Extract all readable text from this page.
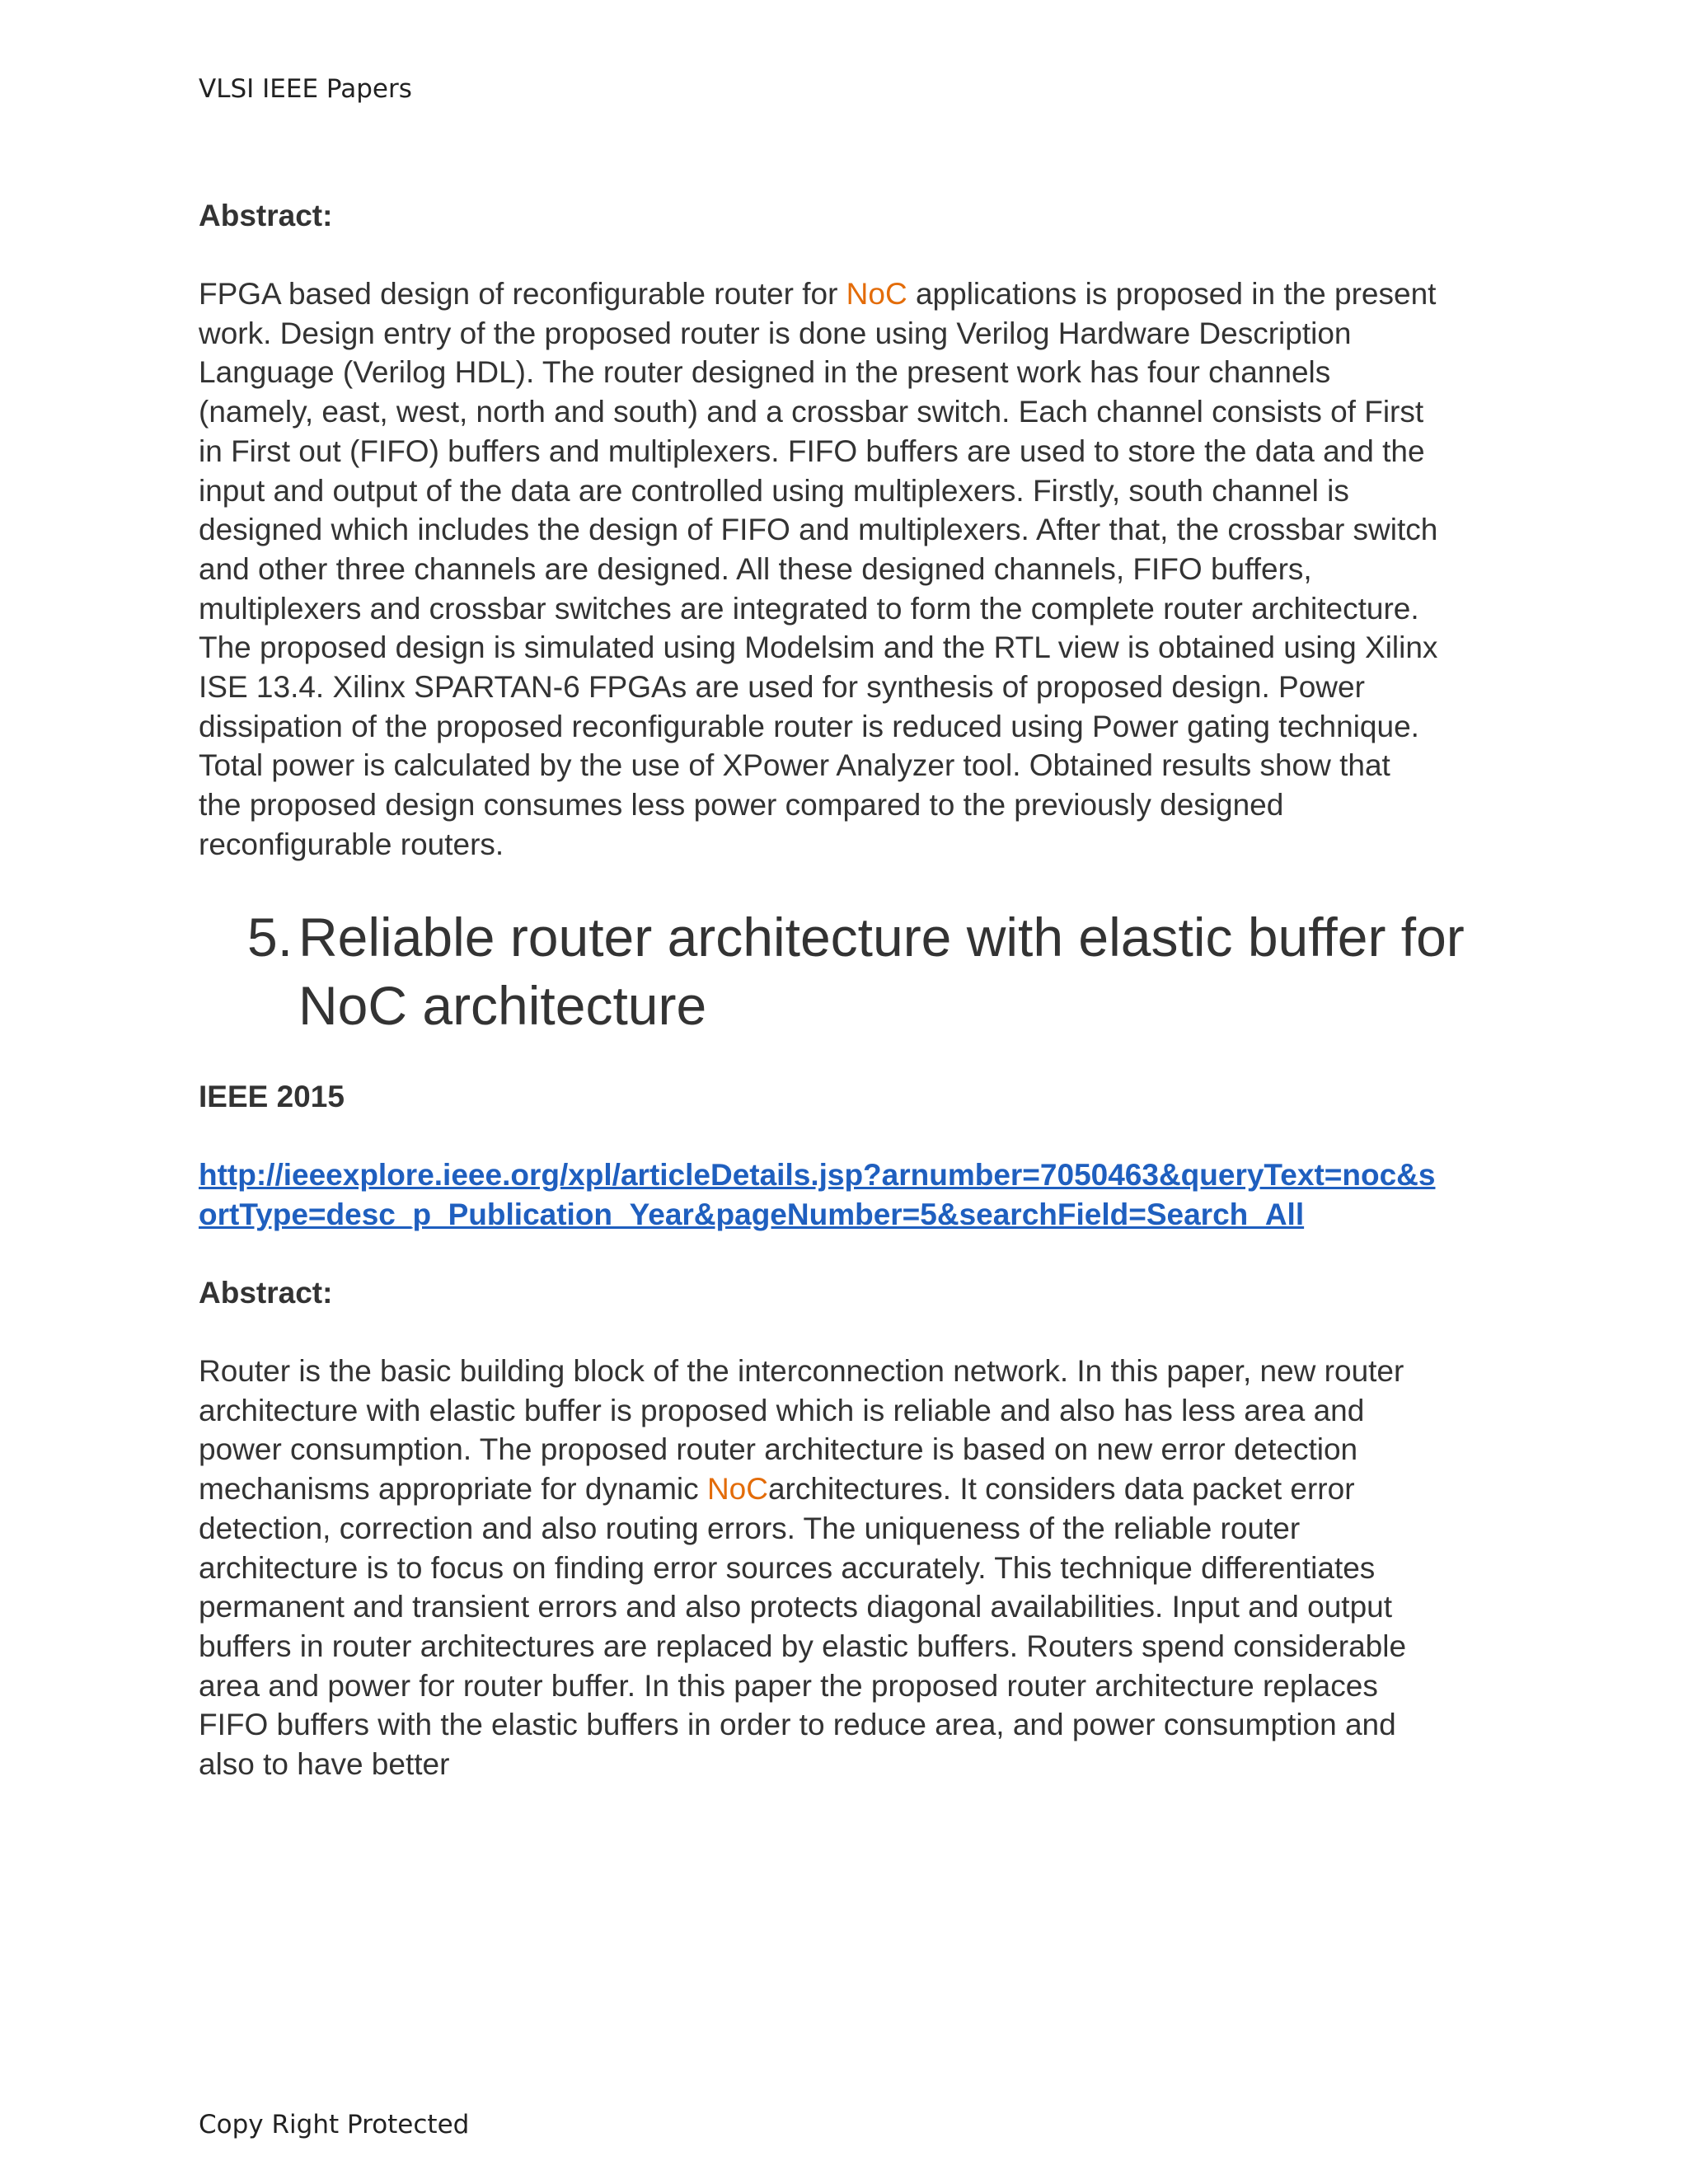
VLSI IEEE Papers
Abstract:

FPGA based design of reconfigurable router for NoC applications is proposed in the present
work. Design entry of the proposed router is done using Verilog Hardware Description
Language (Verilog HDL). The router designed in the present work has four channels
(namely, east, west, north and south) and a crossbar switch. Each channel consists of First
in First out (FIFO) buffers and multiplexers. FIFO buffers are used to store the data and the
input and output of the data are controlled using multiplexers. Firstly, south channel is
designed which includes the design of FIFO and multiplexers. After that, the crossbar switch
and other three channels are designed. All these designed channels, FIFO buffers,
multiplexers and crossbar switches are integrated to form the complete router architecture.
The proposed design is simulated using Modelsim and the RTL view is obtained using Xilinx
ISE 13.4. Xilinx SPARTAN-6 FPGAs are used for synthesis of proposed design. Power
dissipation of the proposed reconfigurable router is reduced using Power gating technique.
Total power is calculated by the use of XPower Analyzer tool. Obtained results show that
the proposed design consumes less power compared to the previously designed
reconfigurable routers.

5. Reliable router architecture with elastic buffer for
NoC architecture
IEEE 2015
http://ieeexplore.ieee.org/xpl/articleDetails.jsp?arnumber=7050463&queryText=noc&s
ortType=desc_p_Publication_Year&pageNumber=5&searchField=Search_All
Abstract:

Router is the basic building block of the interconnection network. In this paper, new router
architecture with elastic buffer is proposed which is reliable and also has less area and
power consumption. The proposed router architecture is based on new error detection
mechanisms appropriate for dynamic NoCarchitectures. It considers data packet error
detection, correction and also routing errors. The uniqueness of the reliable router
architecture is to focus on finding error sources accurately. This technique differentiates
permanent and transient errors and also protects diagonal availabilities. Input and output
buffers in router architectures are replaced by elastic buffers. Routers spend considerable
area and power for router buffer. In this paper the proposed router architecture replaces
FIFO buffers with the elastic buffers in order to reduce area, and power consumption and
also to have better

Copy Right Protected
